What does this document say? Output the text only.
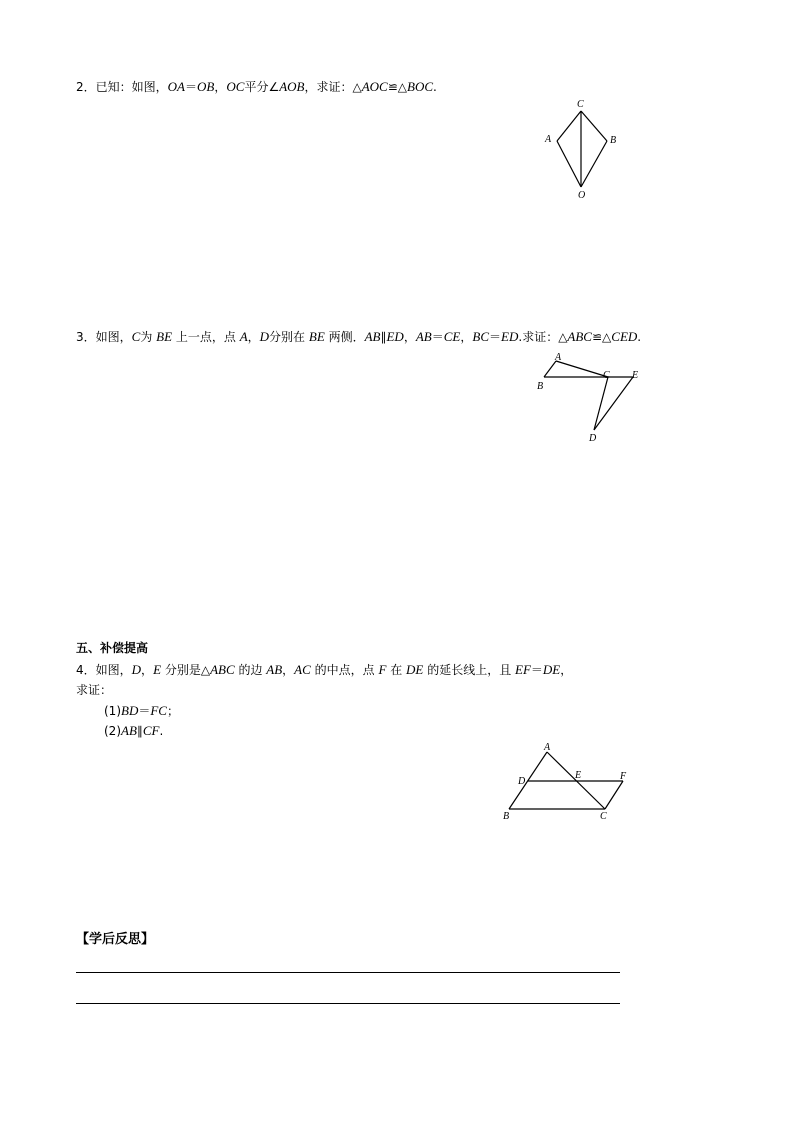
2．已知：如图，OA＝OB，OC平分∠AOB，求证：△AOC≌△BOC.
C
A	B
O
3．如图，C为 BE 上一点，点 A，D分别在 BE 两侧．AB∥ED，AB＝CE，BC＝ED.求证：△ABC≌△CED.
A
B
C E
D
五、补偿提高
4．如图，D，E 分别是△ABC 的边 AB，AC 的中点，点 F 在 DE 的延长线上，且 EF＝DE，
求证：
(1)BD＝FC；
(2)AB∥CF.
A
D
E	F
B	C
【学后反思】
